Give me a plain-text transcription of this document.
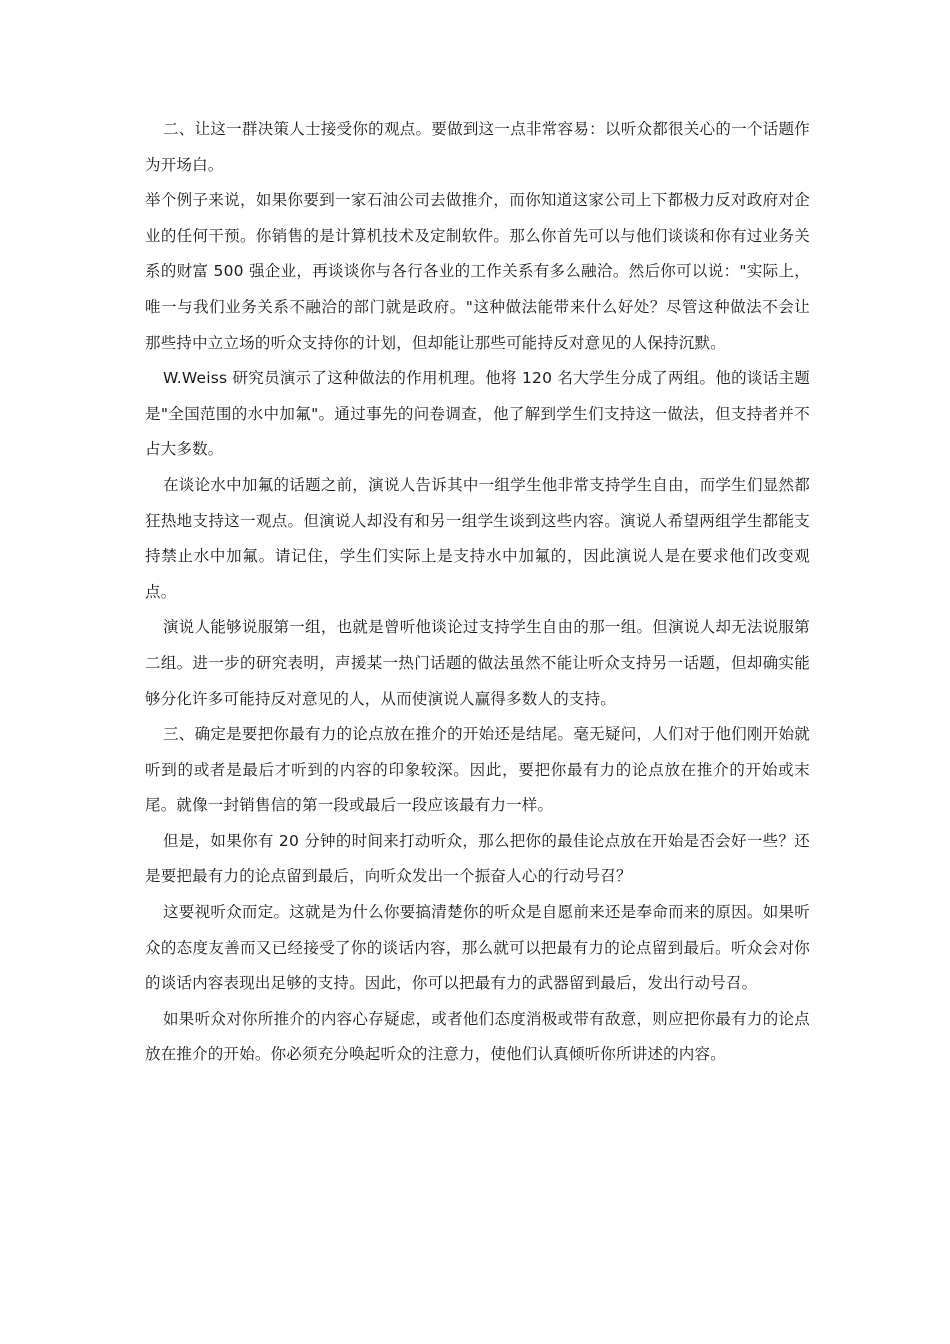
二、让这一群决策人士接受你的观点。要做到这一点非常容易：以听众都很关心的一个话题作为开场白。

举个例子来说，如果你要到一家石油公司去做推介，而你知道这家公司上下都极力反对政府对企业的任何干预。你销售的是计算机技术及定制软件。那么你首先可以与他们谈谈和你有过业务关系的财富 500 强企业，再谈谈你与各行各业的工作关系有多么融洽。然后你可以说："实际上，唯一与我们业务关系不融洽的部门就是政府。"这种做法能带来什么好处？尽管这种做法不会让那些持中立立场的听众支持你的计划，但却能让那些可能持反对意见的人保持沉默。

W.Weiss 研究员演示了这种做法的作用机理。他将 120 名大学生分成了两组。他的谈话主题是"全国范围的水中加氟"。通过事先的问卷调查，他了解到学生们支持这一做法，但支持者并不占大多数。

在谈论水中加氟的话题之前，演说人告诉其中一组学生他非常支持学生自由，而学生们显然都狂热地支持这一观点。但演说人却没有和另一组学生谈到这些内容。演说人希望两组学生都能支持禁止水中加氟。请记住，学生们实际上是支持水中加氟的，因此演说人是在要求他们改变观点。

演说人能够说服第一组，也就是曾听他谈论过支持学生自由的那一组。但演说人却无法说服第二组。进一步的研究表明，声援某一热门话题的做法虽然不能让听众支持另一话题，但却确实能够分化许多可能持反对意见的人，从而使演说人赢得多数人的支持。

三、确定是要把你最有力的论点放在推介的开始还是结尾。毫无疑问，人们对于他们刚开始就听到的或者是最后才听到的内容的印象较深。因此，要把你最有力的论点放在推介的开始或末尾。就像一封销售信的第一段或最后一段应该最有力一样。

但是，如果你有 20 分钟的时间来打动听众，那么把你的最佳论点放在开始是否会好一些？还是要把最有力的论点留到最后，向听众发出一个振奋人心的行动号召？

这要视听众而定。这就是为什么你要搞清楚你的听众是自愿前来还是奉命而来的原因。如果听众的态度友善而又已经接受了你的谈话内容，那么就可以把最有力的论点留到最后。听众会对你的谈话内容表现出足够的支持。因此，你可以把最有力的武器留到最后，发出行动号召。

如果听众对你所推介的内容心存疑虑，或者他们态度消极或带有敌意，则应把你最有力的论点放在推介的开始。你必须充分唤起听众的注意力，使他们认真倾听你所讲述的内容。
